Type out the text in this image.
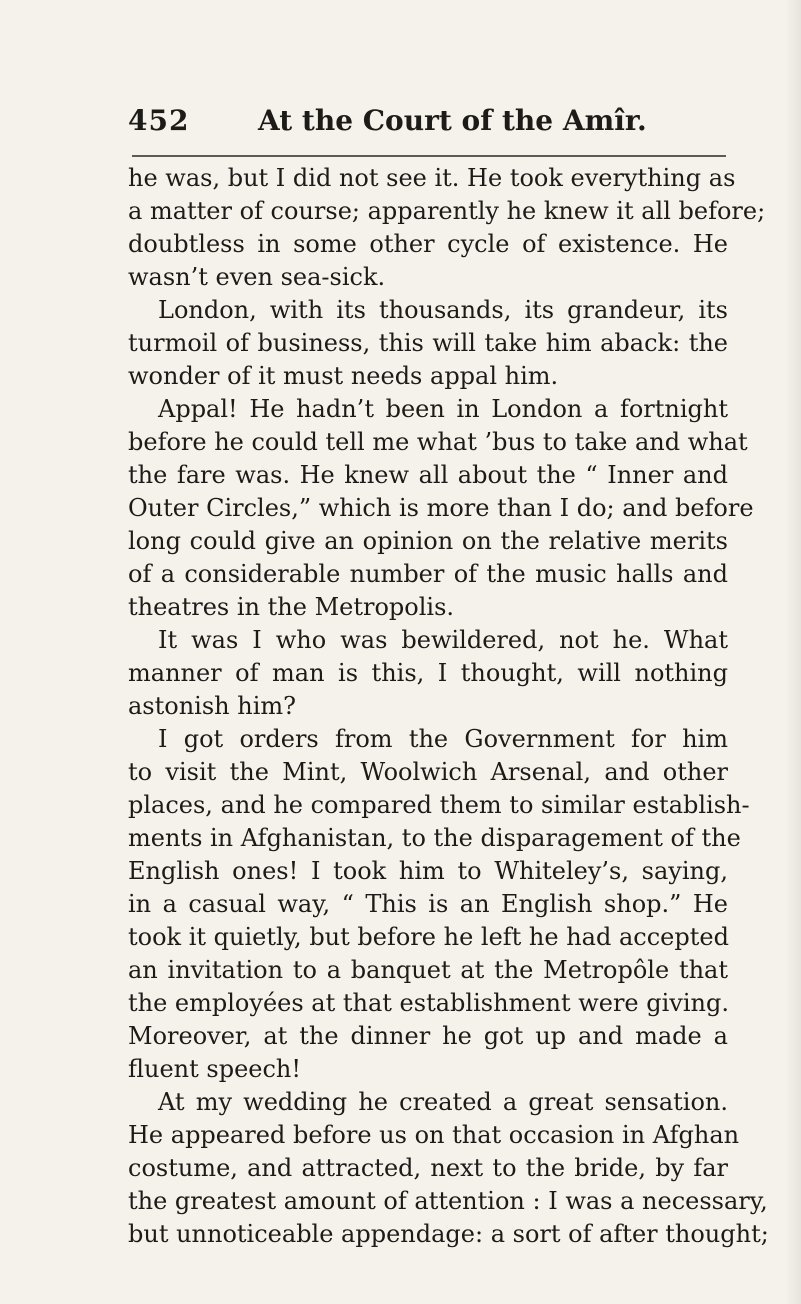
452 At the Court of the Amîr.
he was, but I did not see it. He took everything as
a matter of course; apparently he knew it all before;
doubtless in some other cycle of existence. He
wasn’t even sea-sick.
London, with its thousands, its grandeur, its
turmoil of business, this will take him aback: the
wonder of it must needs appal him.
Appal! He hadn’t been in London a fortnight
before he could tell me what ’bus to take and what
the fare was. He knew all about the “ Inner and
Outer Circles,” which is more than I do; and before
long could give an opinion on the relative merits
of a considerable number of the music halls and
theatres in the Metropolis.
It was I who was bewildered, not he. What
manner of man is this, I thought, will nothing
astonish him?
I got orders from the Government for him
to visit the Mint, Woolwich Arsenal, and other
places, and he compared them to similar establish-
ments in Afghanistan, to the disparagement of the
English ones! I took him to Whiteley’s, saying,
in a casual way, “ This is an English shop.” He
took it quietly, but before he left he had accepted
an invitation to a banquet at the Metropôle that
the employées at that establishment were giving.
Moreover, at the dinner he got up and made a
fluent speech!
At my wedding he created a great sensation.
He appeared before us on that occasion in Afghan
costume, and attracted, next to the bride, by far
the greatest amount of attention : I was a necessary,
but unnoticeable appendage: a sort of after thought;
